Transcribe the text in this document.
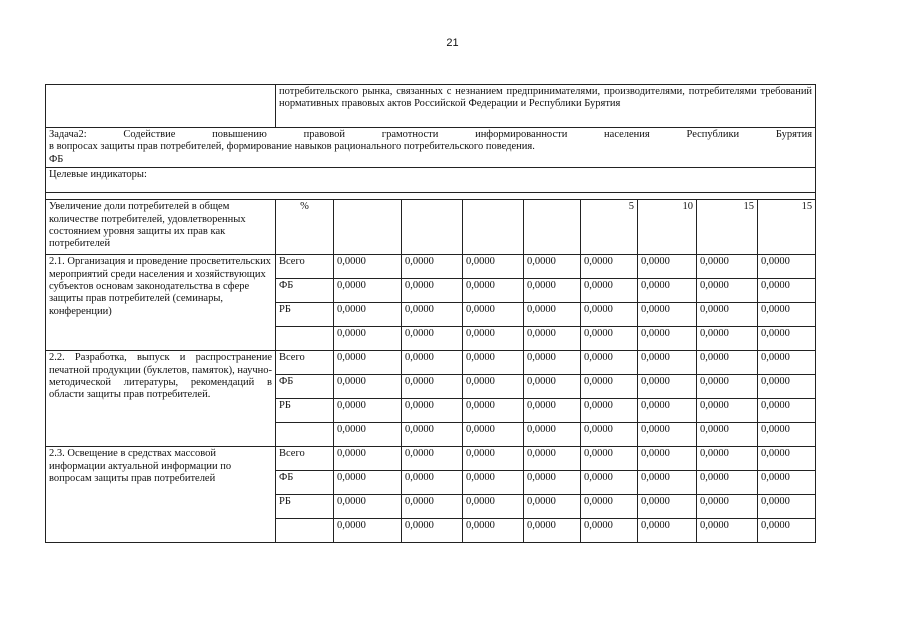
21
	потребительского рынка, связанных с незнанием предпринимателями, производителями, потребителями требований нормативных правовых актов Российской Федерации и Республики Бурятия								

Задача2: Содействие повышению правовой грамотности информированности населения Республики Бурятия
в вопросах защиты прав потребителей, формирование навыков рационального потребительского поведения.
ФБ									

Целевые индикаторы:									

Увеличение доли потребителей в общем количестве потребителей, удовлетворенных состоянием уровня защиты их прав как потребителей	%					5	10	15	15
2.1. Организация и проведение просветительских мероприятий среди населения и хозяйствующих субъектов основам законодательства в сфере защиты прав потребителей (семинары, конференции)	Всего	0,0000	0,0000	0,0000	0,0000	0,0000	0,0000	0,0000	0,0000
	ФБ	0,0000	0,0000	0,0000	0,0000	0,0000	0,0000	0,0000	0,0000
	РБ	0,0000	0,0000	0,0000	0,0000	0,0000	0,0000	0,0000	0,0000
		0,0000	0,0000	0,0000	0,0000	0,0000	0,0000	0,0000	0,0000
2.2. Разработка, выпуск и распространение печатной продукции (буклетов, памяток), научно-методической литературы, рекомендаций в области защиты прав потребителей.	Всего	0,0000	0,0000	0,0000	0,0000	0,0000	0,0000	0,0000	0,0000
	ФБ	0,0000	0,0000	0,0000	0,0000	0,0000	0,0000	0,0000	0,0000
	РБ	0,0000	0,0000	0,0000	0,0000	0,0000	0,0000	0,0000	0,0000
		0,0000	0,0000	0,0000	0,0000	0,0000	0,0000	0,0000	0,0000
2.3. Освещение в средствах массовой информации актуальной информации по вопросам защиты прав потребителей	Всего	0,0000	0,0000	0,0000	0,0000	0,0000	0,0000	0,0000	0,0000
	ФБ	0,0000	0,0000	0,0000	0,0000	0,0000	0,0000	0,0000	0,0000
	РБ	0,0000	0,0000	0,0000	0,0000	0,0000	0,0000	0,0000	0,0000
		0,0000	0,0000	0,0000	0,0000	0,0000	0,0000	0,0000	0,0000
